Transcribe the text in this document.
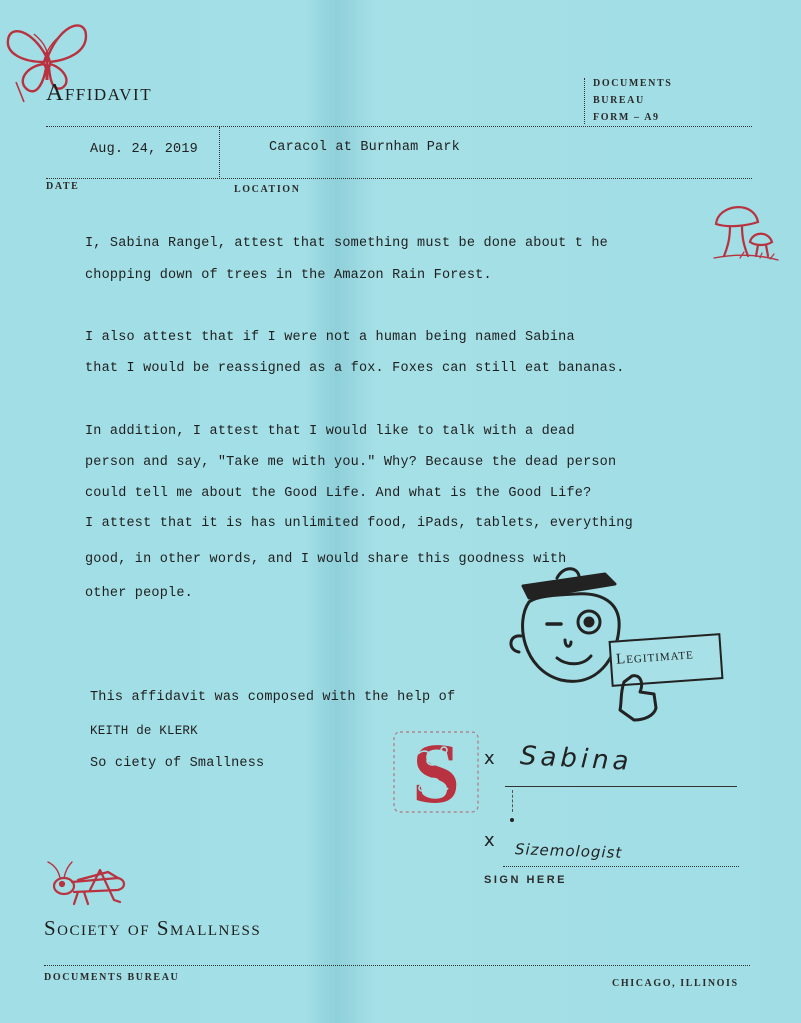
Affidavit	DOCUMENTS
BUREAU
FORM – A9
Aug. 24, 2019	Caracol at Burnham Park
DATE	LOCATION
I, Sabina Rangel, attest that something must be done about t he
chopping down of trees in the Amazon Rain Forest.
I also attest that if I were not a human being named Sabina
that I would be reassigned as a fox. Foxes can still eat bananas.
In addition, I attest that I would like to talk with a dead
person and say, "Take me with you." Why? Because the dead person
could tell me about the Good Life. And what is the Good Life?
I attest that it is has unlimited food, iPads, tablets, everything
good, in other words, and I would share this goodness with
other people.
Legitimate
This affidavit was composed with the help of
KEITH de KLERK
So ciety of Smallness S x Sabina
x Sizemologist
SIGN HERE
Society of Smallness
DOCUMENTS BUREAU
CHICAGO, ILLINOIS
